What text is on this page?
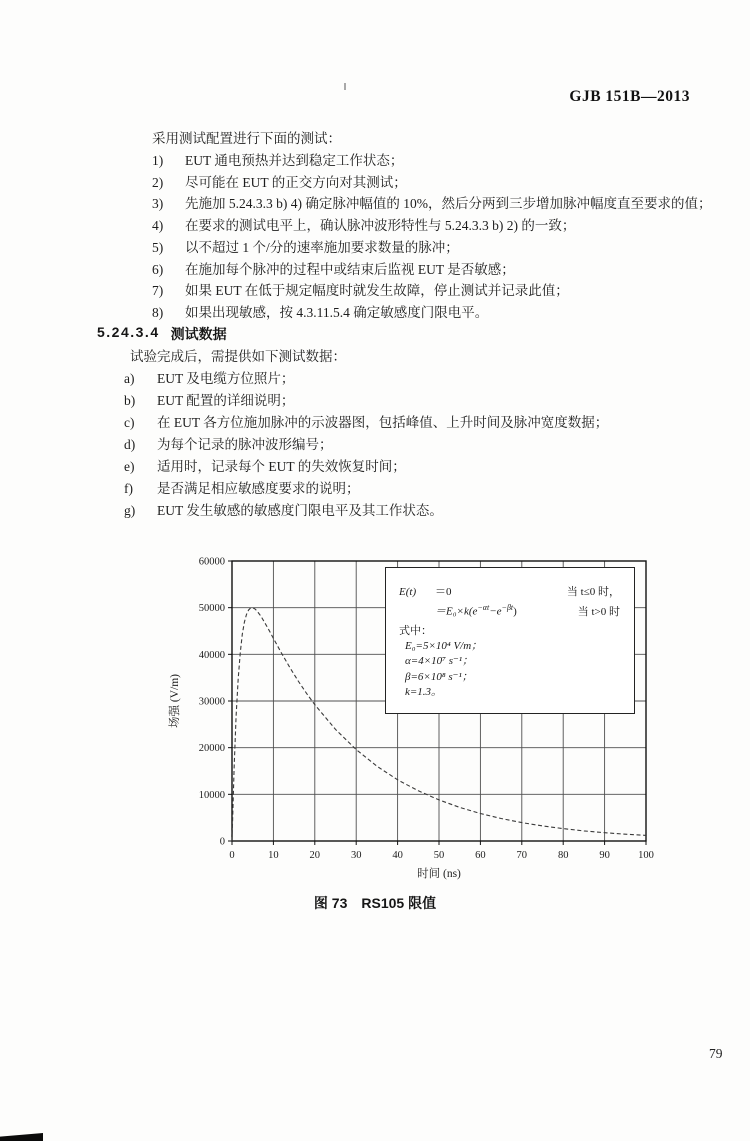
GJB 151B—2013
采用测试配置进行下面的测试：
1)	EUT 通电预热并达到稳定工作状态；
2)	尽可能在 EUT 的正交方向对其测试；
3)	先施加 5.24.3.3 b) 4) 确定脉冲幅值的 10%，然后分两到三步增加脉冲幅度直至要求的值；
4)	在要求的测试电平上，确认脉冲波形特性与 5.24.3.3 b) 2) 的一致；
5)	以不超过 1 个/分的速率施加要求数量的脉冲；
6)	在施加每个脉冲的过程中或结束后监视 EUT 是否敏感；
7)	如果 EUT 在低于规定幅度时就发生故障，停止测试并记录此值；
8)	如果出现敏感，按 4.3.11.5.4 确定敏感度门限电平。
5.24.3.4 测试数据
试验完成后，需提供如下测试数据：
a)	EUT 及电缆方位照片；
b)	EUT 配置的详细说明；
c)	在 EUT 各方位施加脉冲的示波器图，包括峰值、上升时间及脉冲宽度数据；
d)	为每个记录的脉冲波形编号；
e)	适用时，记录每个 EUT 的失效恢复时间；
f)	是否满足相应敏感度要求的说明；
g)	EUT 发生敏感的敏感度门限电平及其工作状态。
0	10	20	30	40	50	60	70	80	90	100
0
10000
20000
30000
40000
50000
60000
时间 (ns)
场强 (V/m)
E(t)	＝0	当 t≤0 时，
$=E_0\times k(e^{-\alpha t}-e^{-\beta t})$	当 t>0 时
式中：
E₀=5×10⁴ V/m；
α=4×10⁷ s⁻¹；
β=6×10⁸ s⁻¹；
k=1.3。
图 73　RS105 限值
79
